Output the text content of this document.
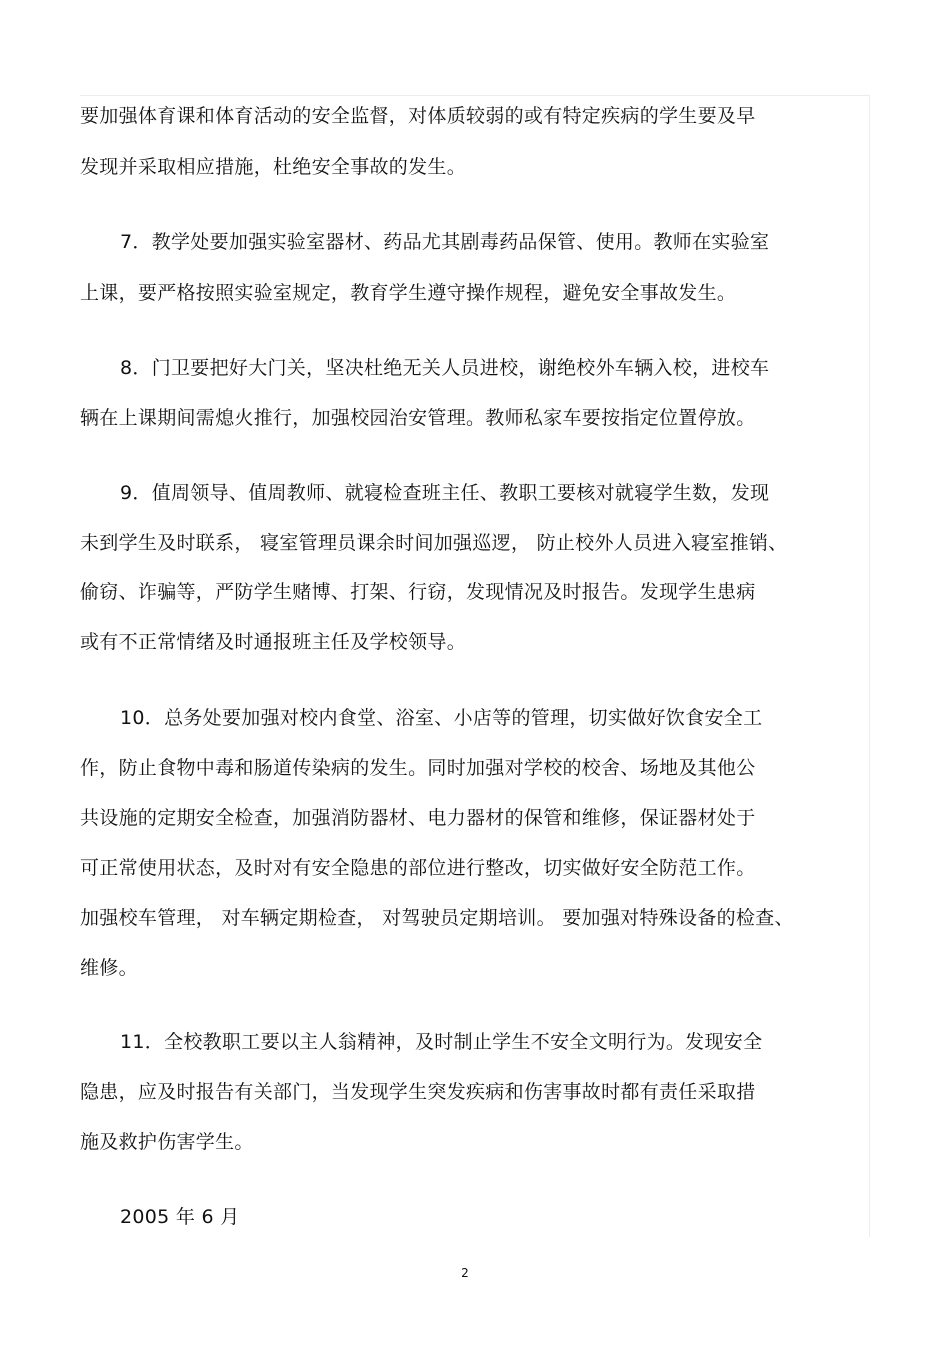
要加强体育课和体育活动的安全监督，对体质较弱的或有特定疾病的学生要及早
发现并采取相应措施，杜绝安全事故的发生。
7．教学处要加强实验室器材、药品尤其剧毒药品保管、使用。教师在实验室
上课，要严格按照实验室规定，教育学生遵守操作规程，避免安全事故发生。
8．门卫要把好大门关，坚决杜绝无关人员进校，谢绝校外车辆入校，进校车
辆在上课期间需熄火推行，加强校园治安管理。教师私家车要按指定位置停放。
9．值周领导、值周教师、就寝检查班主任、教职工要核对就寝学生数，发现
未到学生及时联系， 寝室管理员课余时间加强巡逻， 防止校外人员进入寝室推销、
偷窃、诈骗等，严防学生赌博、打架、行窃，发现情况及时报告。发现学生患病
或有不正常情绪及时通报班主任及学校领导。
10．总务处要加强对校内食堂、浴室、小店等的管理，切实做好饮食安全工
作，防止食物中毒和肠道传染病的发生。同时加强对学校的校舍、场地及其他公
共设施的定期安全检查，加强消防器材、电力器材的保管和维修，保证器材处于
可正常使用状态，及时对有安全隐患的部位进行整改，切实做好安全防范工作。
加强校车管理， 对车辆定期检查， 对驾驶员定期培训。 要加强对特殊设备的检查、
维修。
11．全校教职工要以主人翁精神，及时制止学生不安全文明行为。发现安全
隐患，应及时报告有关部门，当发现学生突发疾病和伤害事故时都有责任采取措
施及救护伤害学生。
2005 年 6 月
2
